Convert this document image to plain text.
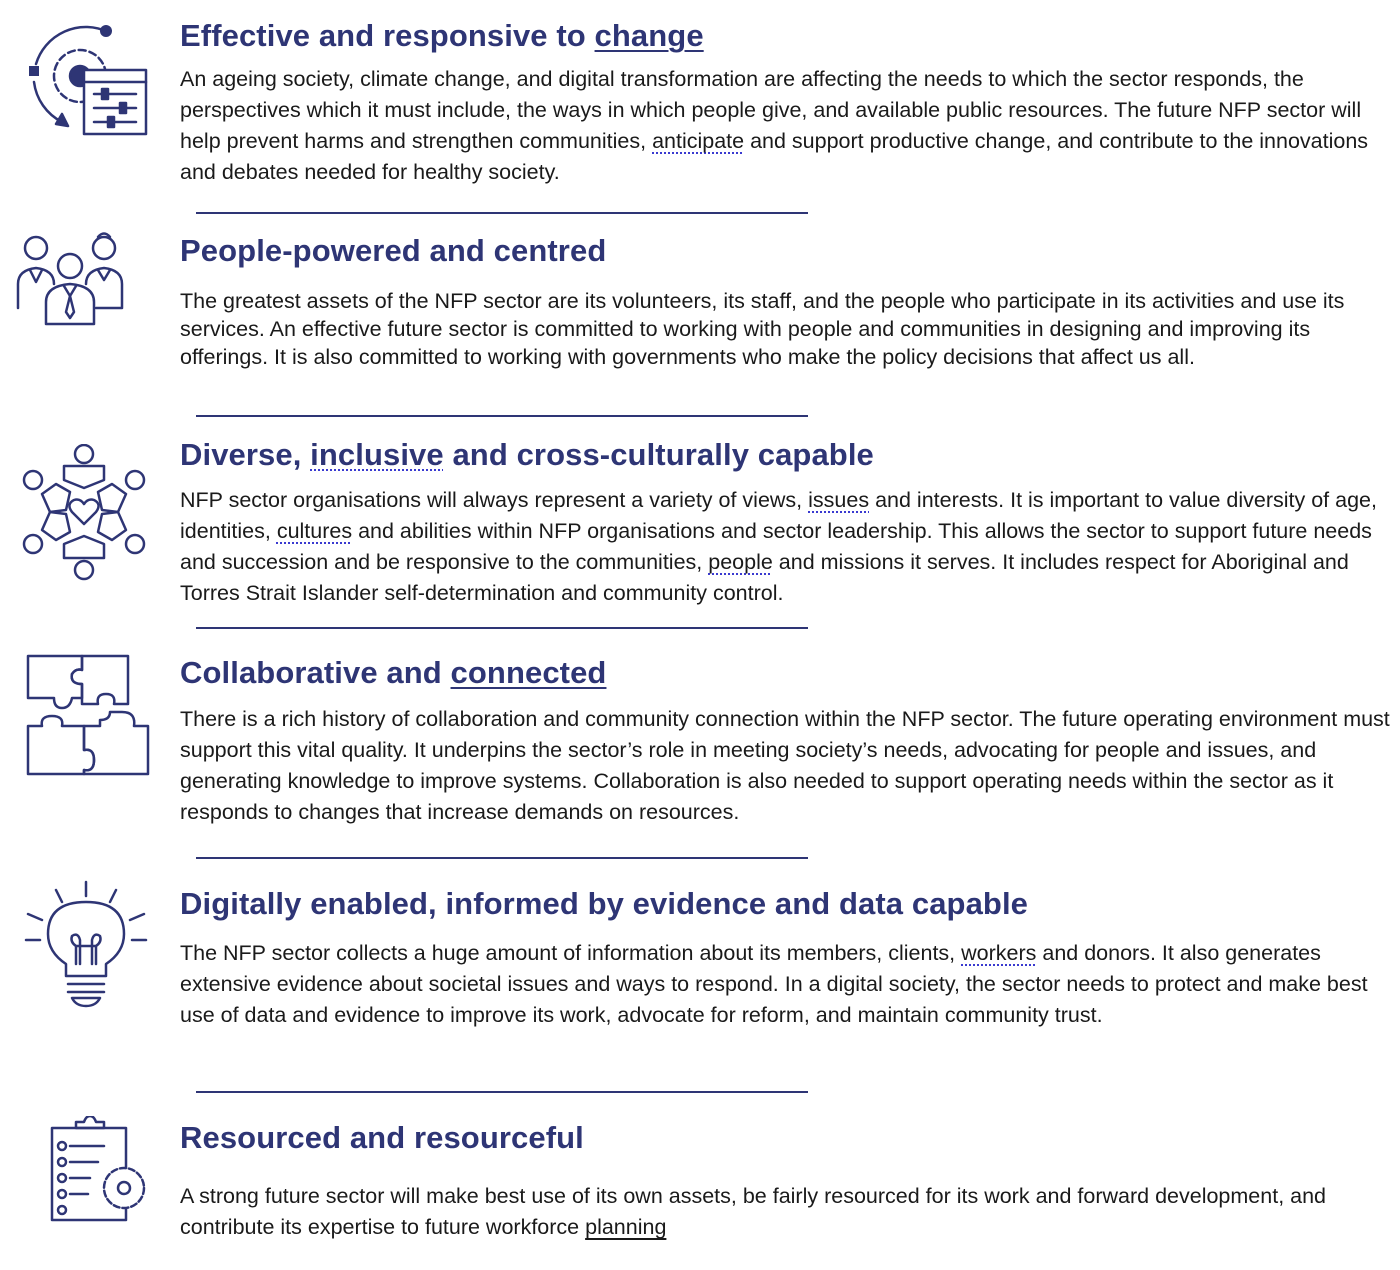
Effective and responsive to change

An ageing society, climate change, and digital transformation are affecting the needs to which the sector responds, the perspectives which it must include, the ways in which people give, and available public resources. The future NFP sector will help prevent harms and strengthen communities, anticipate and support productive change, and contribute to the innovations and debates needed for healthy society.

People-powered and centred

The greatest assets of the NFP sector are its volunteers, its staff, and the people who participate in its activities and use its services. An effective future sector is committed to working with people and communities in designing and improving its offerings. It is also committed to working with governments who make the policy decisions that affect us all.

Diverse, inclusive and cross-culturally capable

NFP sector organisations will always represent a variety of views, issues and interests. It is important to value diversity of age, identities, cultures and abilities within NFP organisations and sector leadership. This allows the sector to support future needs and succession and be responsive to the communities, people and missions it serves. It includes respect for Aboriginal and Torres Strait Islander self-determination and community control.

Collaborative and connected

There is a rich history of collaboration and community connection within the NFP sector. The future operating environment must support this vital quality. It underpins the sector’s role in meeting society’s needs, advocating for people and issues, and generating knowledge to improve systems. Collaboration is also needed to support operating needs within the sector as it responds to changes that increase demands on resources.

Digitally enabled, informed by evidence and data capable

The NFP sector collects a huge amount of information about its members, clients, workers and donors. It also generates extensive evidence about societal issues and ways to respond. In a digital society, the sector needs to protect and make best use of data and evidence to improve its work, advocate for reform, and maintain community trust.

Resourced and resourceful

A strong future sector will make best use of its own assets, be fairly resourced for its work and forward development, and contribute its expertise to future workforce planning
